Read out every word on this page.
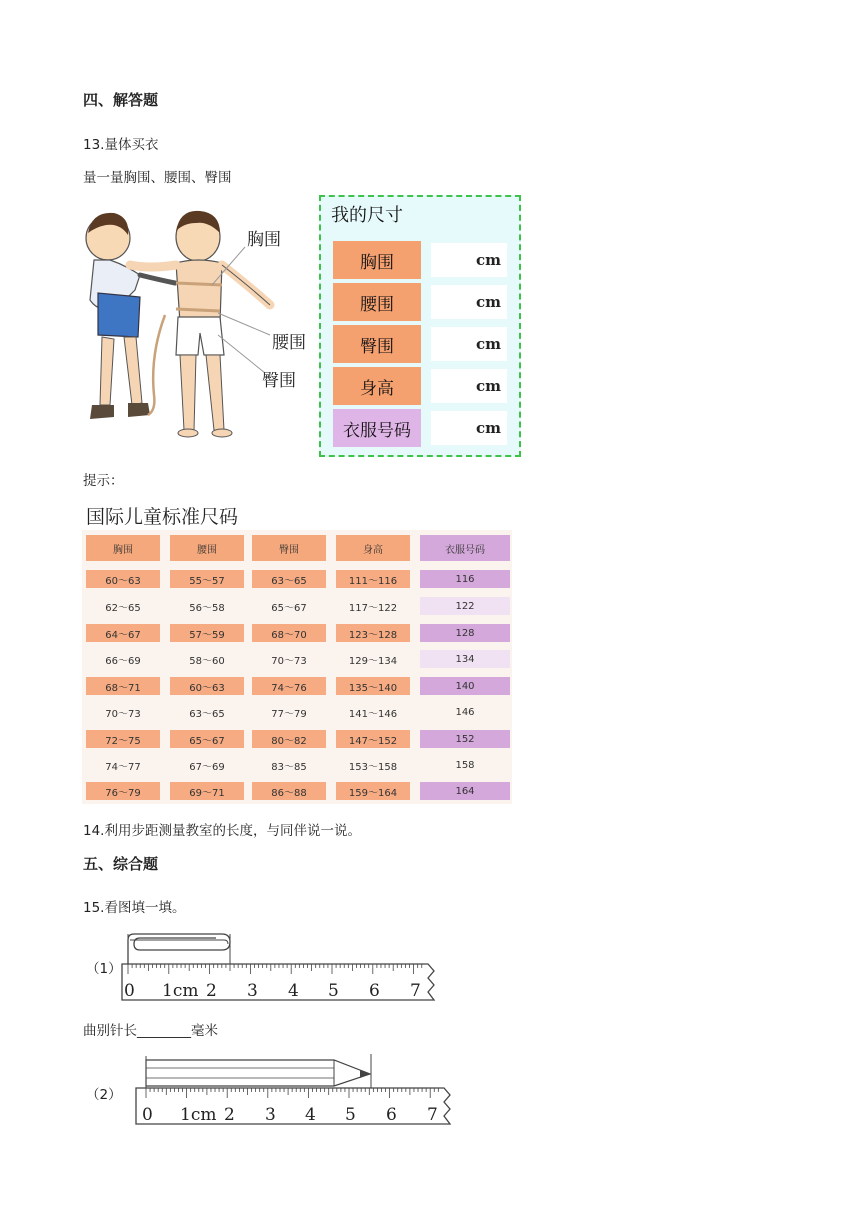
四、解答题
13.量体买衣
量一量胸围、腰围、臀围
胸围
腰围
臀围
我的尺寸
胸围	cm
腰围	cm
臀围	cm
身高	cm
衣服号码	cm
提示：
国际儿童标准尺码
胸围	腰围	臀围	身高	衣服号码
60～63	55～57	63～65	111～116	116
62～65	56～58	65～67	117～122	122
64～67	57～59	68～70	123～128	128
66～69	58～60	70～73	129～134	134
68～71	60～63	74～76	135～140	140
70～73	63～65	77～79	141～146	146
72～75	65～67	80～82	147～152	152
74～77	67～69	83～85	153～158	158
76～79	69～71	86～88	159～164	164
14.利用步距测量教室的长度，与同伴说一说。
五、综合题
15.看图填一填。
（1）
0 1cm 2 3 4 5 6 7
曲别针长________毫米
（2）
0 1cm 2 3 4 5 6 7
